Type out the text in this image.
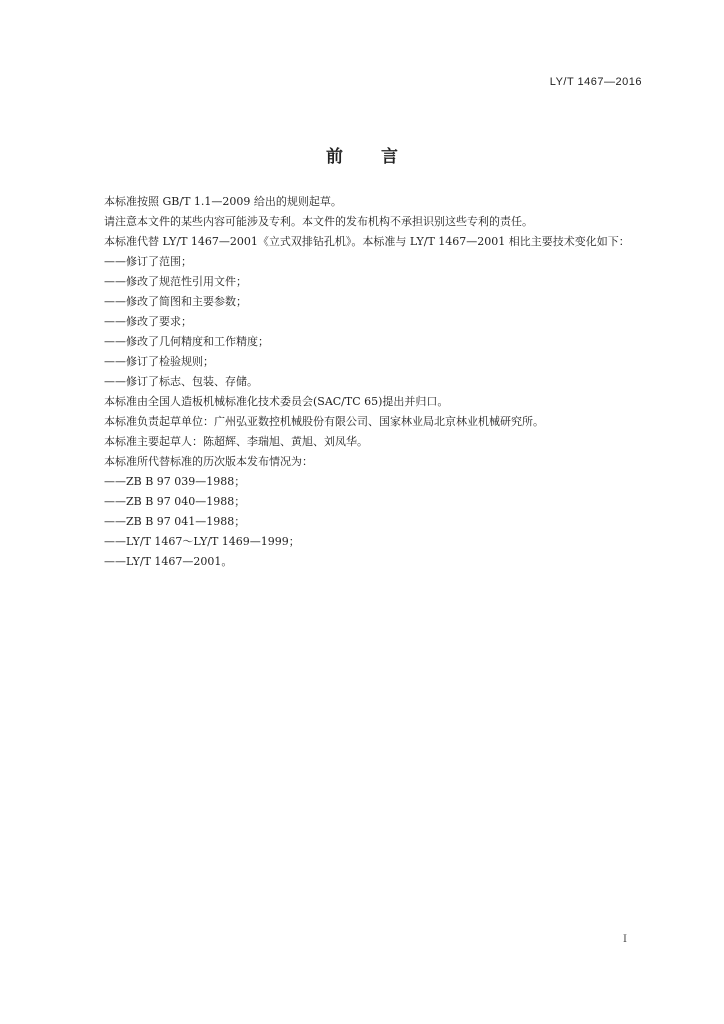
LY/T 1467—2016
前言

本标准按照 GB/T 1.1—2009 给出的规则起草。

请注意本文件的某些内容可能涉及专利。本文件的发布机构不承担识别这些专利的责任。

本标准代替 LY/T 1467—2001《立式双排钻孔机》。本标准与 LY/T 1467—2001 相比主要技术变化如下：

——修订了范围；

——修改了规范性引用文件；

——修改了简图和主要参数；

——修改了要求；

——修改了几何精度和工作精度；

——修订了检验规则；

——修订了标志、包装、存储。

本标准由全国人造板机械标准化技术委员会(SAC/TC 65)提出并归口。

本标准负责起草单位：广州弘亚数控机械股份有限公司、国家林业局北京林业机械研究所。

本标准主要起草人：陈超辉、李瑞旭、黄旭、刘凤华。

本标准所代替标准的历次版本发布情况为：

——ZB B 97 039—1988；

——ZB B 97 040—1988；

——ZB B 97 041—1988；

——LY/T 1467～LY/T 1469—1999；

——LY/T 1467—2001。

I
